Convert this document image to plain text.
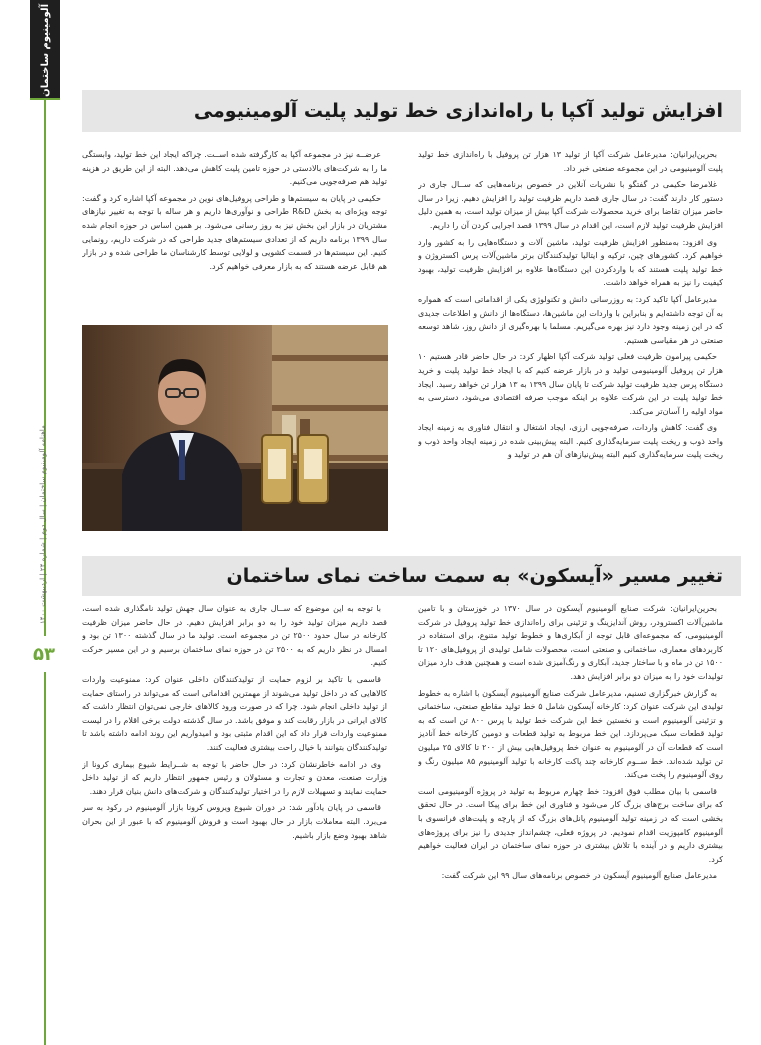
آلومینیوم ساختمان
ماهنامه آلومینیوم ساختمان | سال دوم | شماره ۲۴ | اردیبهشت ۱۴۰۰
۵۳
افزایش تولید آکپا با راه‌اندازی خط تولید پلیت آلومینیومی

بحرین‌ایرانیان: مدیرعامل شرکت آکپا از تولید ۱۳ هزار تن پروفیل با راه‌اندازی خط تولید پلیت آلومینیومی در این مجموعه صنعتی خبر داد.

غلامرضا حکیمی در گفتگو با نشریات آنلاین در خصوص برنامه‌هایی که ســال جاری در دستور کار دارند گفت: در سال جاری قصد داریم ظرفیت تولید را افزایش دهیم. زیرا در سال حاضر میزان تقاضا برای خرید محصولات شرکت آکپا بیش از میزان تولید است، به همین دلیل افزایش ظرفیت تولید لازم است، این اقدام در سال ۱۳۹۹ قصد اجرایی کردن آن را داریم.

وی افزود: به‌منظور افزایش ظرفیت تولید، ماشین آلات و دستگاه‌هایی را به کشور وارد خواهیم کرد. کشورهای چین، ترکیه و ایتالیا تولیدکنندگان برتر ماشین‌آلات پرس اکستروژن و خط تولید پلیت هستند که با واردکردن این دستگاه‌ها علاوه بر افزایش ظرفیت تولید، بهبود کیفیت را نیز به همراه خواهد داشت.

مدیرعامل آکپا تاکید کرد: به روزرسانی دانش و تکنولوژی یکی از اقداماتی است که همواره به آن توجه داشته‌ایم و بنابراین با واردات این ماشین‌ها، دستگاه‌ها از دانش و اطلاعات جدیدی که در این زمینه وجود دارد نیز بهره می‌گیریم. مسلما با بهره‌گیری از دانش روز، شاهد توسعه صنعتی در هر مقیاسی هستیم.

حکیمی پیرامون ظرفیت فعلی تولید شرکت آکپا اظهار کرد: در حال حاضر قادر هستیم ۱۰ هزار تن پروفیل آلومینیومی تولید و در بازار عرضه کنیم که با ایجاد خط تولید پلیت و خرید دستگاه پرس جدید ظرفیت تولید شرکت تا پایان سال ۱۳۹۹ به ۱۳ هزار تن خواهد رسید. ایجاد خط تولید پلیت در این شرکت علاوه بر اینکه موجب صرفه اقتصادی می‌شود، دسترسی به مواد اولیه را آسان‌تر می‌کند.

وی گفت: کاهش واردات، صرفه‌جویی ارزی، ایجاد اشتغال و انتقال فناوری به زمینه ایجاد واحد ذوب و ریخت پلیت سرمایه‌گذاری کنیم. البته پیش‌بینی شده در زمینه ایجاد واحد ذوب و ریخت پلیت سرمایه‌گذاری کنیم البته پیش‌نیازهای آن هم در تولید و

عرضــه نیز در مجموعه آکپا به کارگرفته شده اســت. چراکه ایجاد این خط تولید، وابستگی ما را به شرکت‌های بالادستی در حوزه تامین پلیت کاهش می‌دهد. البته از این طریق در هزینه تولید هم صرفه‌جویی می‌کنیم.

حکیمی در پایان به سیستم‌ها و طراحی پروفیل‌های نوین در مجموعه آکپا اشاره کرد و گفت: توجه ویژه‌ای به بخش R&D طراحی و نوآوری‌ها داریم و هر ساله با توجه به تغییر نیازهای مشتریان در بازار این بخش نیز به روز رسانی می‌شود. بر همین اساس در حوزه انجام شده سال ۱۳۹۹ برنامه داریم که از تعدادی سیستم‌های جدید طراحی که در شرکت داریم، رونمایی کنیم. این سیستم‌ها در قسمت کشویی و لولایی توسط کارشناسان ما طراحی شده و در بازار هم قابل عرضه هستند که به بازار معرفی خواهیم کرد.

تغییر مسیر «آیسکون» به سمت ساخت نمای ساختمان

بحرین‌ایرانیان: شرکت صنایع آلومینیوم آیسکون در سال ۱۳۷۰ در خوزستان و با تامین ماشین‌آلات اکسترودر، روش آندایزینگ و تزئینی برای راه‌اندازی خط تولید پروفیل در شرکت آلومینیومی، که مجموعه‌ای قابل توجه از آبکاری‌ها و خطوط تولید متنوع، برای استفاده در کاربردهای معماری، ساختمانی و صنعتی است، محصولات شامل تولیدی از پروفیل‌های ۱۲۰ تا ۱۵۰۰ تن در ماه و با ساختار جدید، آبکاری و رنگ‌آمیزی شده است و همچنین هدف دارد میزان تولیدات خود را به میزان دو برابر افزایش دهد.

به گزارش خبرگزاری تسنیم، مدیرعامل شرکت صنایع آلومینیوم آیسکون با اشاره به خطوط تولیدی این شرکت عنوان کرد: کارخانه آیسکون شامل ۵ خط تولید مقاطع صنعتی، ساختمانی و تزئینی آلومینیوم است و نخستین خط این شرکت خط تولید با پرس ۸۰۰ تن است که به تولید قطعات سبک می‌پردازد. این خط مربوط به تولید قطعات و دومین کارخانه خط آنادیز است که قطعات آن در آلومینیوم به عنوان خط پروفیل‌هایی بیش از ۲۰۰ تا کالای ۲۵ میلیون تن تولید شده‌اند. خط ســوم کارخانه چند پاکت کارخانه با تولید آلومینیوم ۸۵ میلیون رنگ و روی آلومینیوم را پخت می‌کند.

قاسمی با بیان مطلب فوق افزود: خط چهارم مربوط به تولید در پروژه آلومینیومی است که برای ساخت برج‌های بزرگ کار می‌شود و فناوری این خط برای پیکا است. در حال تحقق بخشی است که در زمینه تولید آلومینیوم پانل‌های بزرگ که از پارچه و پلیت‌های فرانسوی با آلومینیوم کامپوزیت اقدام نمودیم. در پروژه فعلی، چشم‌انداز جدیدی را نیز برای پروژه‌های بیشتری داریم و در آینده با تلاش بیشتری در حوزه نمای ساختمان در ایران فعالیت خواهیم کرد.

مدیرعامل صنایع آلومینیوم آیسکون در خصوص برنامه‌های سال ۹۹ این شرکت گفت:

با توجه به این موضوع که ســال جاری به عنوان سال جهش تولید نامگذاری شده است، قصد داریم میزان تولید خود را به دو برابر افزایش دهیم. در حال حاضر میزان ظرفیت کارخانه در سال حدود ۲۵۰۰ تن در مجموعه است. تولید ما در سال گذشته ۱۳۰۰ تن بود و امسال در نظر داریم که به ۲۵۰۰ تن در حوزه نمای ساختمان برسیم و در این مسیر حرکت کنیم.

قاسمی با تاکید بر لزوم حمایت از تولیدکنندگان داخلی عنوان کرد: ممنوعیت واردات کالاهایی که در داخل تولید می‌شوند از مهمترین اقداماتی است که می‌تواند در راستای حمایت از تولید داخلی انجام شود. چرا که در صورت ورود کالاهای خارجی نمی‌توان انتظار داشت که کالای ایرانی در بازار رقابت کند و موفق باشد. در سال گذشته دولت برخی اقلام را در لیست ممنوعیت واردات قرار داد که این اقدام مثبتی بود و امیدواریم این روند ادامه داشته باشد تا تولیدکنندگان بتوانند با خیال راحت بیشتری فعالیت کنند.

وی در ادامه خاطرنشان کرد: در حال حاضر با توجه به شــرایط شیوع بیماری کرونا از وزارت صنعت، معدن و تجارت و مسئولان و رئیس جمهور انتظار داریم که از تولید داخل حمایت نمایند و تسهیلات لازم را در اختیار تولیدکنندگان و شرکت‌های دانش بنیان قرار دهند.

قاسمی در پایان یادآور شد: در دوران شیوع ویروس کرونا بازار آلومینیوم در رکود به سر می‌برد. البته معاملات بازار در حال بهبود است و فروش آلومینیوم که با عبور از این بحران شاهد بهبود وضع بازار باشیم.
